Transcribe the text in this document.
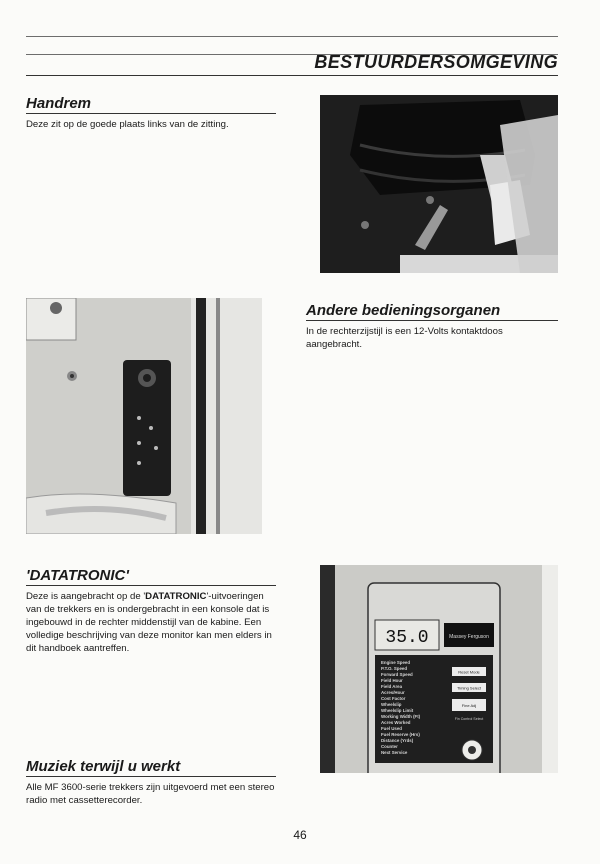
BESTUURDERSOMGEVING
Handrem

Deze zit op de goede plaats links van de zitting.

Andere bedieningsorganen

In de rechterzijstijl is een 12-Volts kontaktdoos aangebracht.

'DATATRONIC'

Deze is aangebracht op de 'DATATRONIC'-uitvoeringen van de trekkers en is ondergebracht in een konsole dat is ingebouwd in de rechter middenstijl van de kabine. Een volledige beschrijving van deze monitor kan men elders in dit handboek aantreffen.

35.0	Massey Ferguson
Engine Speed
P.T.O. Speed
Forward Speed
Field Hour
Field Area
Acres/Hour
Cost Factor
Wheelslip
Wheelslip Limit
Working Width (Ft)
Acres Worked
Fuel Used
Fuel Reserve (Hrs)
Distance (Yrds)
Counter
Next Service
Reset Mode
Timing Select
Fine Adj
Fin Control Select
Muziek terwijl u werkt

Alle MF 3600-serie trekkers zijn uitgevoerd met een stereo radio met cassetterecorder.

46
